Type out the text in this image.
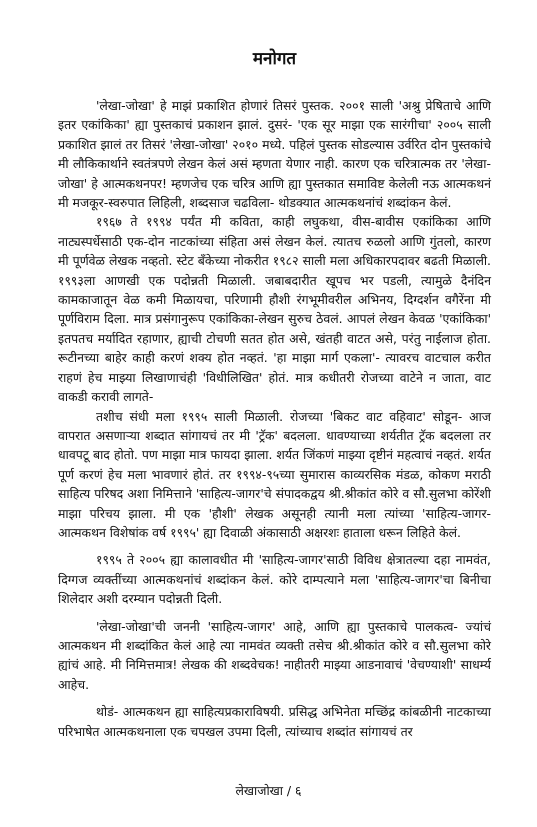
मनोगत

'लेखा-जोखा' हे माझं प्रकाशित होणारं तिसरं पुस्तक. २००१ साली 'अश्रु प्रेषिताचे आणि इतर एकांकिका' ह्या पुस्तकाचं प्रकाशन झालं. दुसरं- 'एक सूर माझा एक सारंगीचा' २००५ साली प्रकाशित झालं तर तिसरं 'लेखा-जोखा' २०१० मध्ये. पहिलं पुस्तक सोडल्यास उर्वरित दोन पुस्तकांचे मी लौकिकार्थाने स्वतंत्रपणे लेखन केलं असं म्हणता येणार नाही. कारण एक चरित्रात्मक तर 'लेखा-जोखा' हे आत्मकथनपर! म्हणजेच एक चरित्र आणि ह्या पुस्तकात समाविष्ट केलेली नऊ आत्मकथनं मी मजकूर-स्वरुपात लिहिली, शब्दसाज चढविला- थोडक्यात आत्मकथनांचं शब्दांकन केलं.

१९६७ ते १९९४ पर्यंत मी कविता, काही लघुकथा, वीस-बावीस एकांकिका आणि नाट्यस्पर्धेसाठी एक-दोन नाटकांच्या संहिता असं लेखन केलं. त्यातच रुळलो आणि गुंतलो, कारण मी पूर्णवेळ लेखक नव्हतो. स्टेट बँकेच्या नोकरीत १९८२ साली मला अधिकारपदावर बढती मिळाली. १९९३ला आणखी एक पदोन्नती मिळाली. जबाबदारीत खूपच भर पडली, त्यामुळे दैनंदिन कामकाजातून वेळ कमी मिळायचा, परिणामी हौशी रंगभूमीवरील अभिनय, दिग्दर्शन वगैरेंना मी पूर्णविराम दिला. मात्र प्रसंगानुरूप एकांकिका-लेखन सुरुच ठेवलं. आपलं लेखन केवळ 'एकांकिका' इतपतच मर्यादित रहाणार, ह्याची टोचणी सतत होत असे, खंतही वाटत असे, परंतु नाईलाज होता. रूटीनच्या बाहेर काही करणं शक्य होत नव्हतं. 'हा माझा मार्ग एकला'- त्यावरच वाटचाल करीत राहणं हेच माझ्या लिखाणाचंही 'विधीलिखित' होतं. मात्र कधीतरी रोजच्या वाटेने न जाता, वाट वाकडी करावी लागते-

तशीच संधी मला १९९५ साली मिळाली. रोजच्या 'बिकट वाट वहिवाट' सोडून- आज वापरात असणाऱ्या शब्दात सांगायचं तर मी 'ट्रॅक' बदलला. धावण्याच्या शर्यतीत ट्रॅक बदलला तर धावपटू बाद होतो. पण माझा मात्र फायदा झाला. शर्यत जिंकणं माझ्या दृष्टीनं महत्वाचं नव्हतं. शर्यत पूर्ण करणं हेच मला भावणारं होतं. तर १९९४-९५च्या सुमारास काव्यरसिक मंडळ, कोकण मराठी साहित्य परिषद अशा निमित्ताने 'साहित्य-जागर'चे संपादकद्वय श्री.श्रीकांत कोरे व सौ.सुलभा कोरेंशी माझा परिचय झाला. मी एक 'हौशी' लेखक असूनही त्यानी मला त्यांच्या 'साहित्य-जागर- आत्मकथन विशेषांक वर्ष १९९५' ह्या दिवाळी अंकासाठी अक्षरशः हाताला धरून लिहिते केलं.

१९९५ ते २००५ ह्या कालावधीत मी 'साहित्य-जागर'साठी विविध क्षेत्रातल्या दहा नामवंत, दिग्गज व्यक्तींच्या आत्मकथनांचं शब्दांकन केलं. कोरे दाम्पत्याने मला 'साहित्य-जागर'चा बिनीचा शिलेदार अशी दरम्यान पदोन्नती दिली.

'लेखा-जोखा'ची जननी 'साहित्य-जागर' आहे, आणि ह्या पुस्तकाचे पालकत्व- ज्यांचं आत्मकथन मी शब्दांकित केलं आहे त्या नामवंत व्यक्ती तसेच श्री.श्रीकांत कोरे व सौ.सुलभा कोरे ह्यांचं आहे. मी निमित्तमात्र! लेखक की शब्दवेचक! नाहीतरी माझ्या आडनावाचं 'वेचण्याशी' साधर्म्य आहेच.

थोडं- आत्मकथन ह्या साहित्यप्रकाराविषयी. प्रसिद्ध अभिनेता मच्छिंद्र कांबळीनी नाटकाच्या परिभाषेत आत्मकथनाला एक चपखल उपमा दिली, त्यांच्याच शब्दांत सांगायचं तर

लेखाजोखा / ६
